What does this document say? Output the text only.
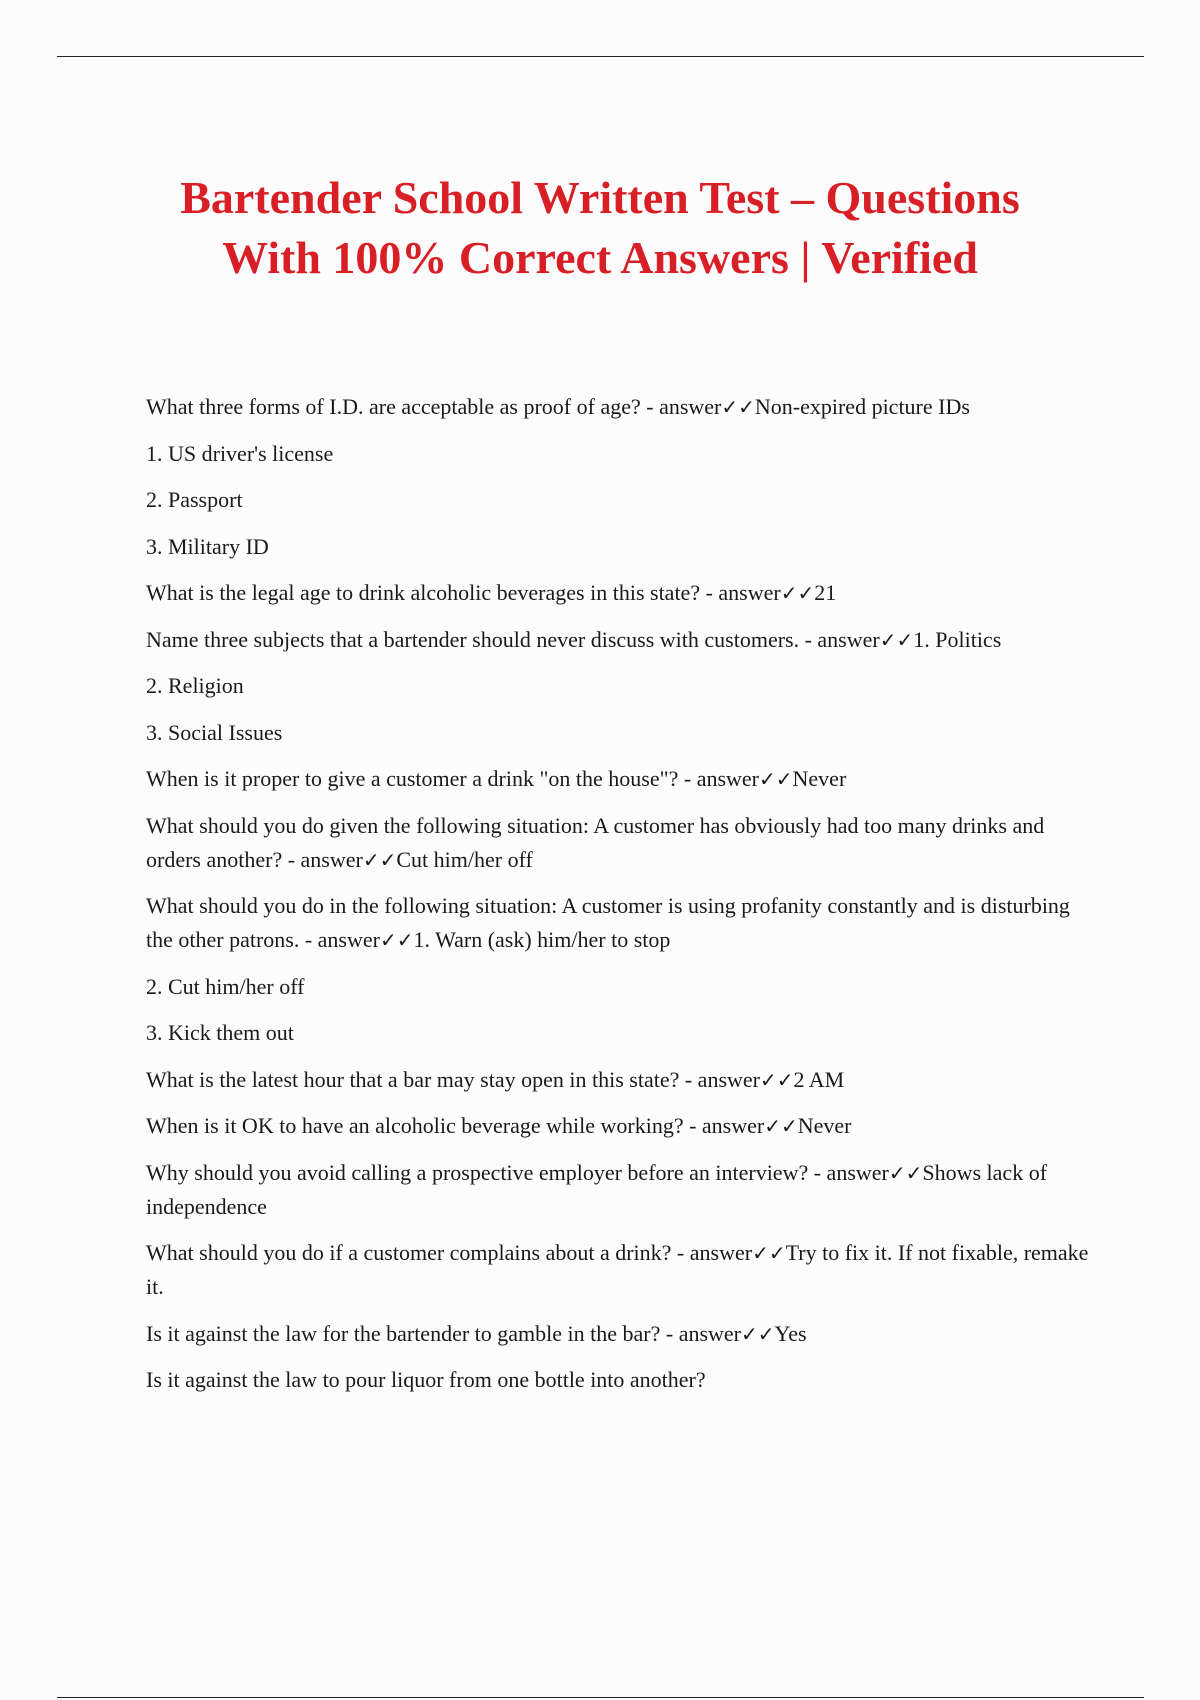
Bartender School Written Test – Questions
With 100% Correct Answers | Verified

What three forms of I.D. are acceptable as proof of age? - answer✓✓Non-expired picture IDs

1. US driver's license

2. Passport

3. Military ID

What is the legal age to drink alcoholic beverages in this state? - answer✓✓21

Name three subjects that a bartender should never discuss with customers. - answer✓✓1. Politics

2. Religion

3. Social Issues

When is it proper to give a customer a drink "on the house"? - answer✓✓Never

What should you do given the following situation: A customer has obviously had too many drinks and orders another? - answer✓✓Cut him/her off

What should you do in the following situation: A customer is using profanity constantly and is disturbing the other patrons. - answer✓✓1. Warn (ask) him/her to stop

2. Cut him/her off

3. Kick them out

What is the latest hour that a bar may stay open in this state? - answer✓✓2 AM

When is it OK to have an alcoholic beverage while working? - answer✓✓Never

Why should you avoid calling a prospective employer before an interview? - answer✓✓Shows lack of independence

What should you do if a customer complains about a drink? - answer✓✓Try to fix it. If not fixable, remake it.

Is it against the law for the bartender to gamble in the bar? - answer✓✓Yes

Is it against the law to pour liquor from one bottle into another?
